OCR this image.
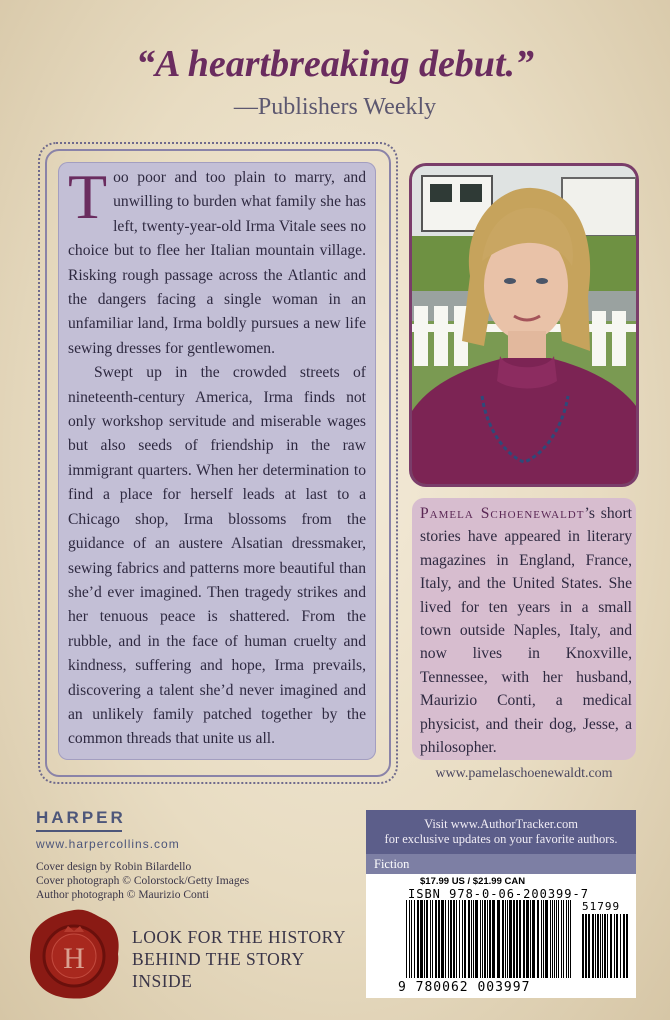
“A heartbreaking debut.”
—Publishers Weekly

Too poor and too plain to marry, and unwilling to burden what family she has left, twenty-year-old Irma Vitale sees no choice but to flee her Italian mountain village. Risking rough passage across the Atlantic and the dangers facing a single woman in an unfamiliar land, Irma boldly pursues a new life sewing dresses for gentlewomen.

Swept up in the crowded streets of nineteenth-century America, Irma finds not only workshop servitude and miserable wages but also seeds of friendship in the raw immigrant quarters. When her determination to find a place for herself leads at last to a Chicago shop, Irma blossoms from the guidance of an austere Alsatian dressmaker, sewing fabrics and patterns more beautiful than she’d ever imagined. Then tragedy strikes and her tenuous peace is shattered. From the rubble, and in the face of human cruelty and kindness, suffering and hope, Irma prevails, discovering a talent she’d never imagined and an unlikely family patched together by the common threads that unite us all.

Pamela Schoenewaldt’s short stories have appeared in literary magazines in England, France, Italy, and the United States. She lived for ten years in a small town outside Naples, Italy, and now lives in Knoxville, Tennessee, with her husband, Maurizio Conti, a medical physicist, and their dog, Jesse, a philosopher.
www.pamelaschoenewaldt.com
HARPER
www.harpercollins.com
Cover design by Robin Bilardello
Cover photograph © Colorstock/Getty Images
Author photograph © Maurizio Conti
H
LOOK FOR THE HISTORY
BEHIND THE STORY
INSIDE
Visit www.AuthorTracker.com
for exclusive updates on your favorite authors.
Fiction
$17.99 US / $21.99 CAN
ISBN 978-0-06-200399-7
51799
9 780062 003997
